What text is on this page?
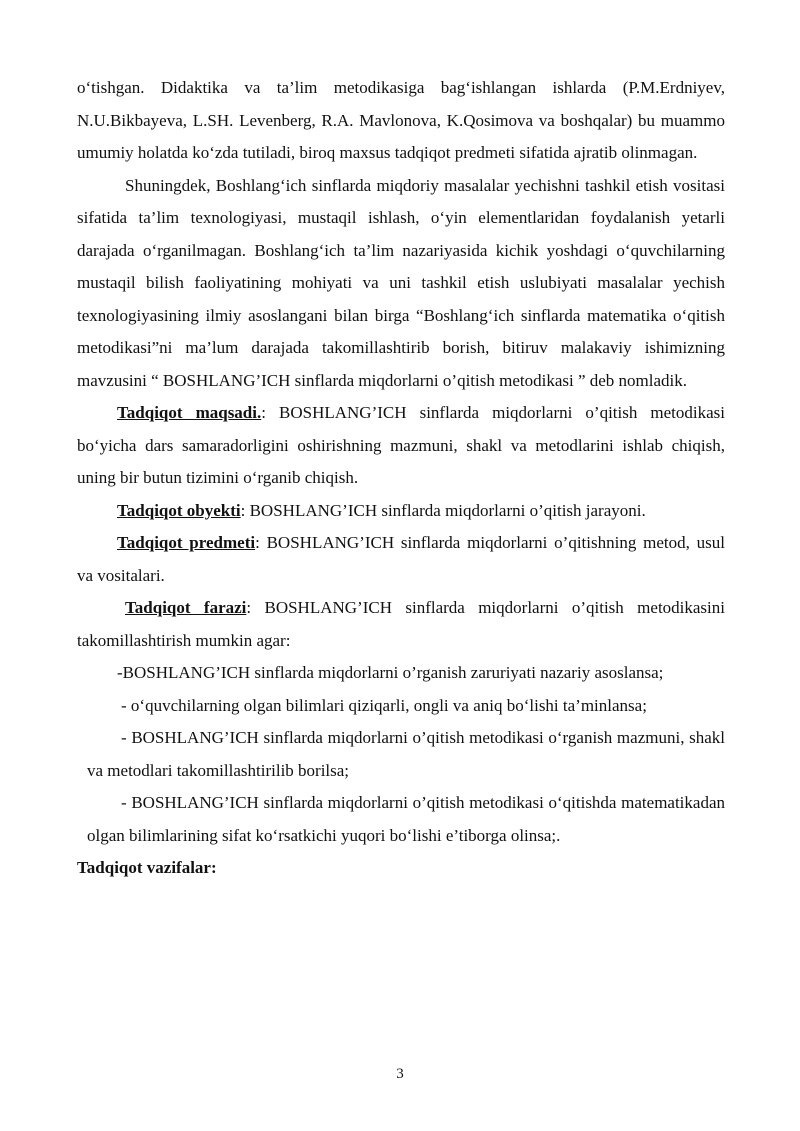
o‘tishgan. Didaktika va ta’lim metodikasiga bag‘ishlangan ishlarda (P.M.Erdniyev, N.U.Bikbayeva, L.SH. Levenberg, R.A. Mavlonova, K.Qosimova va boshqalar) bu muammo umumiy holatda ko‘zda tutiladi, biroq maxsus tadqiqot predmeti sifatida ajratib olinmagan.

Shuningdek, Boshlang‘ich sinflarda miqdoriy masalalar yechishni tashkil etish vositasi sifatida ta’lim texnologiyasi, mustaqil ishlash, o‘yin elementlaridan foydalanish yetarli darajada o‘rganilmagan. Boshlang‘ich ta’lim nazariyasida kichik yoshdagi o‘quvchilarning mustaqil bilish faoliyatining mohiyati va uni tashkil etish uslubiyati masalalar yechish texnologiyasining ilmiy asoslangani bilan birga “Boshlang‘ich sinflarda matematika o‘qitish metodikasi”ni ma’lum darajada takomillashtirib borish, bitiruv malakaviy ishimizning mavzusini “ BOSHLANG’ICH sinflarda miqdorlarni o’qitish metodikasi ” deb nomladik.

Tadqiqot maqsadi.: BOSHLANG’ICH sinflarda miqdorlarni o’qitish metodikasi bo‘yicha dars samaradorligini oshirishning mazmuni, shakl va metodlarini ishlab chiqish, uning bir butun tizimini o‘rganib chiqish.

Tadqiqot obyekti: BOSHLANG’ICH sinflarda miqdorlarni o’qitish jarayoni.

Tadqiqot predmeti: BOSHLANG’ICH sinflarda miqdorlarni o’qitishning metod, usul va vositalari.

Tadqiqot farazi: BOSHLANG’ICH sinflarda miqdorlarni o’qitish metodikasini takomillashtirish mumkin agar:

-BOSHLANG’ICH sinflarda miqdorlarni o’rganish zaruriyati nazariy asoslansa;

- o‘quvchilarning olgan bilimlari qiziqarli, ongli va aniq bo‘lishi ta’minlansa;

- BOSHLANG’ICH sinflarda miqdorlarni o’qitish metodikasi o‘rganish mazmuni, shakl va metodlari takomillashtirilib borilsa;

- BOSHLANG’ICH sinflarda miqdorlarni o’qitish metodikasi o‘qitishda matematikadan olgan bilimlarining sifat ko‘rsatkichi yuqori bo‘lishi e’tiborga olinsa;.

Tadqiqot vazifalar:

3
